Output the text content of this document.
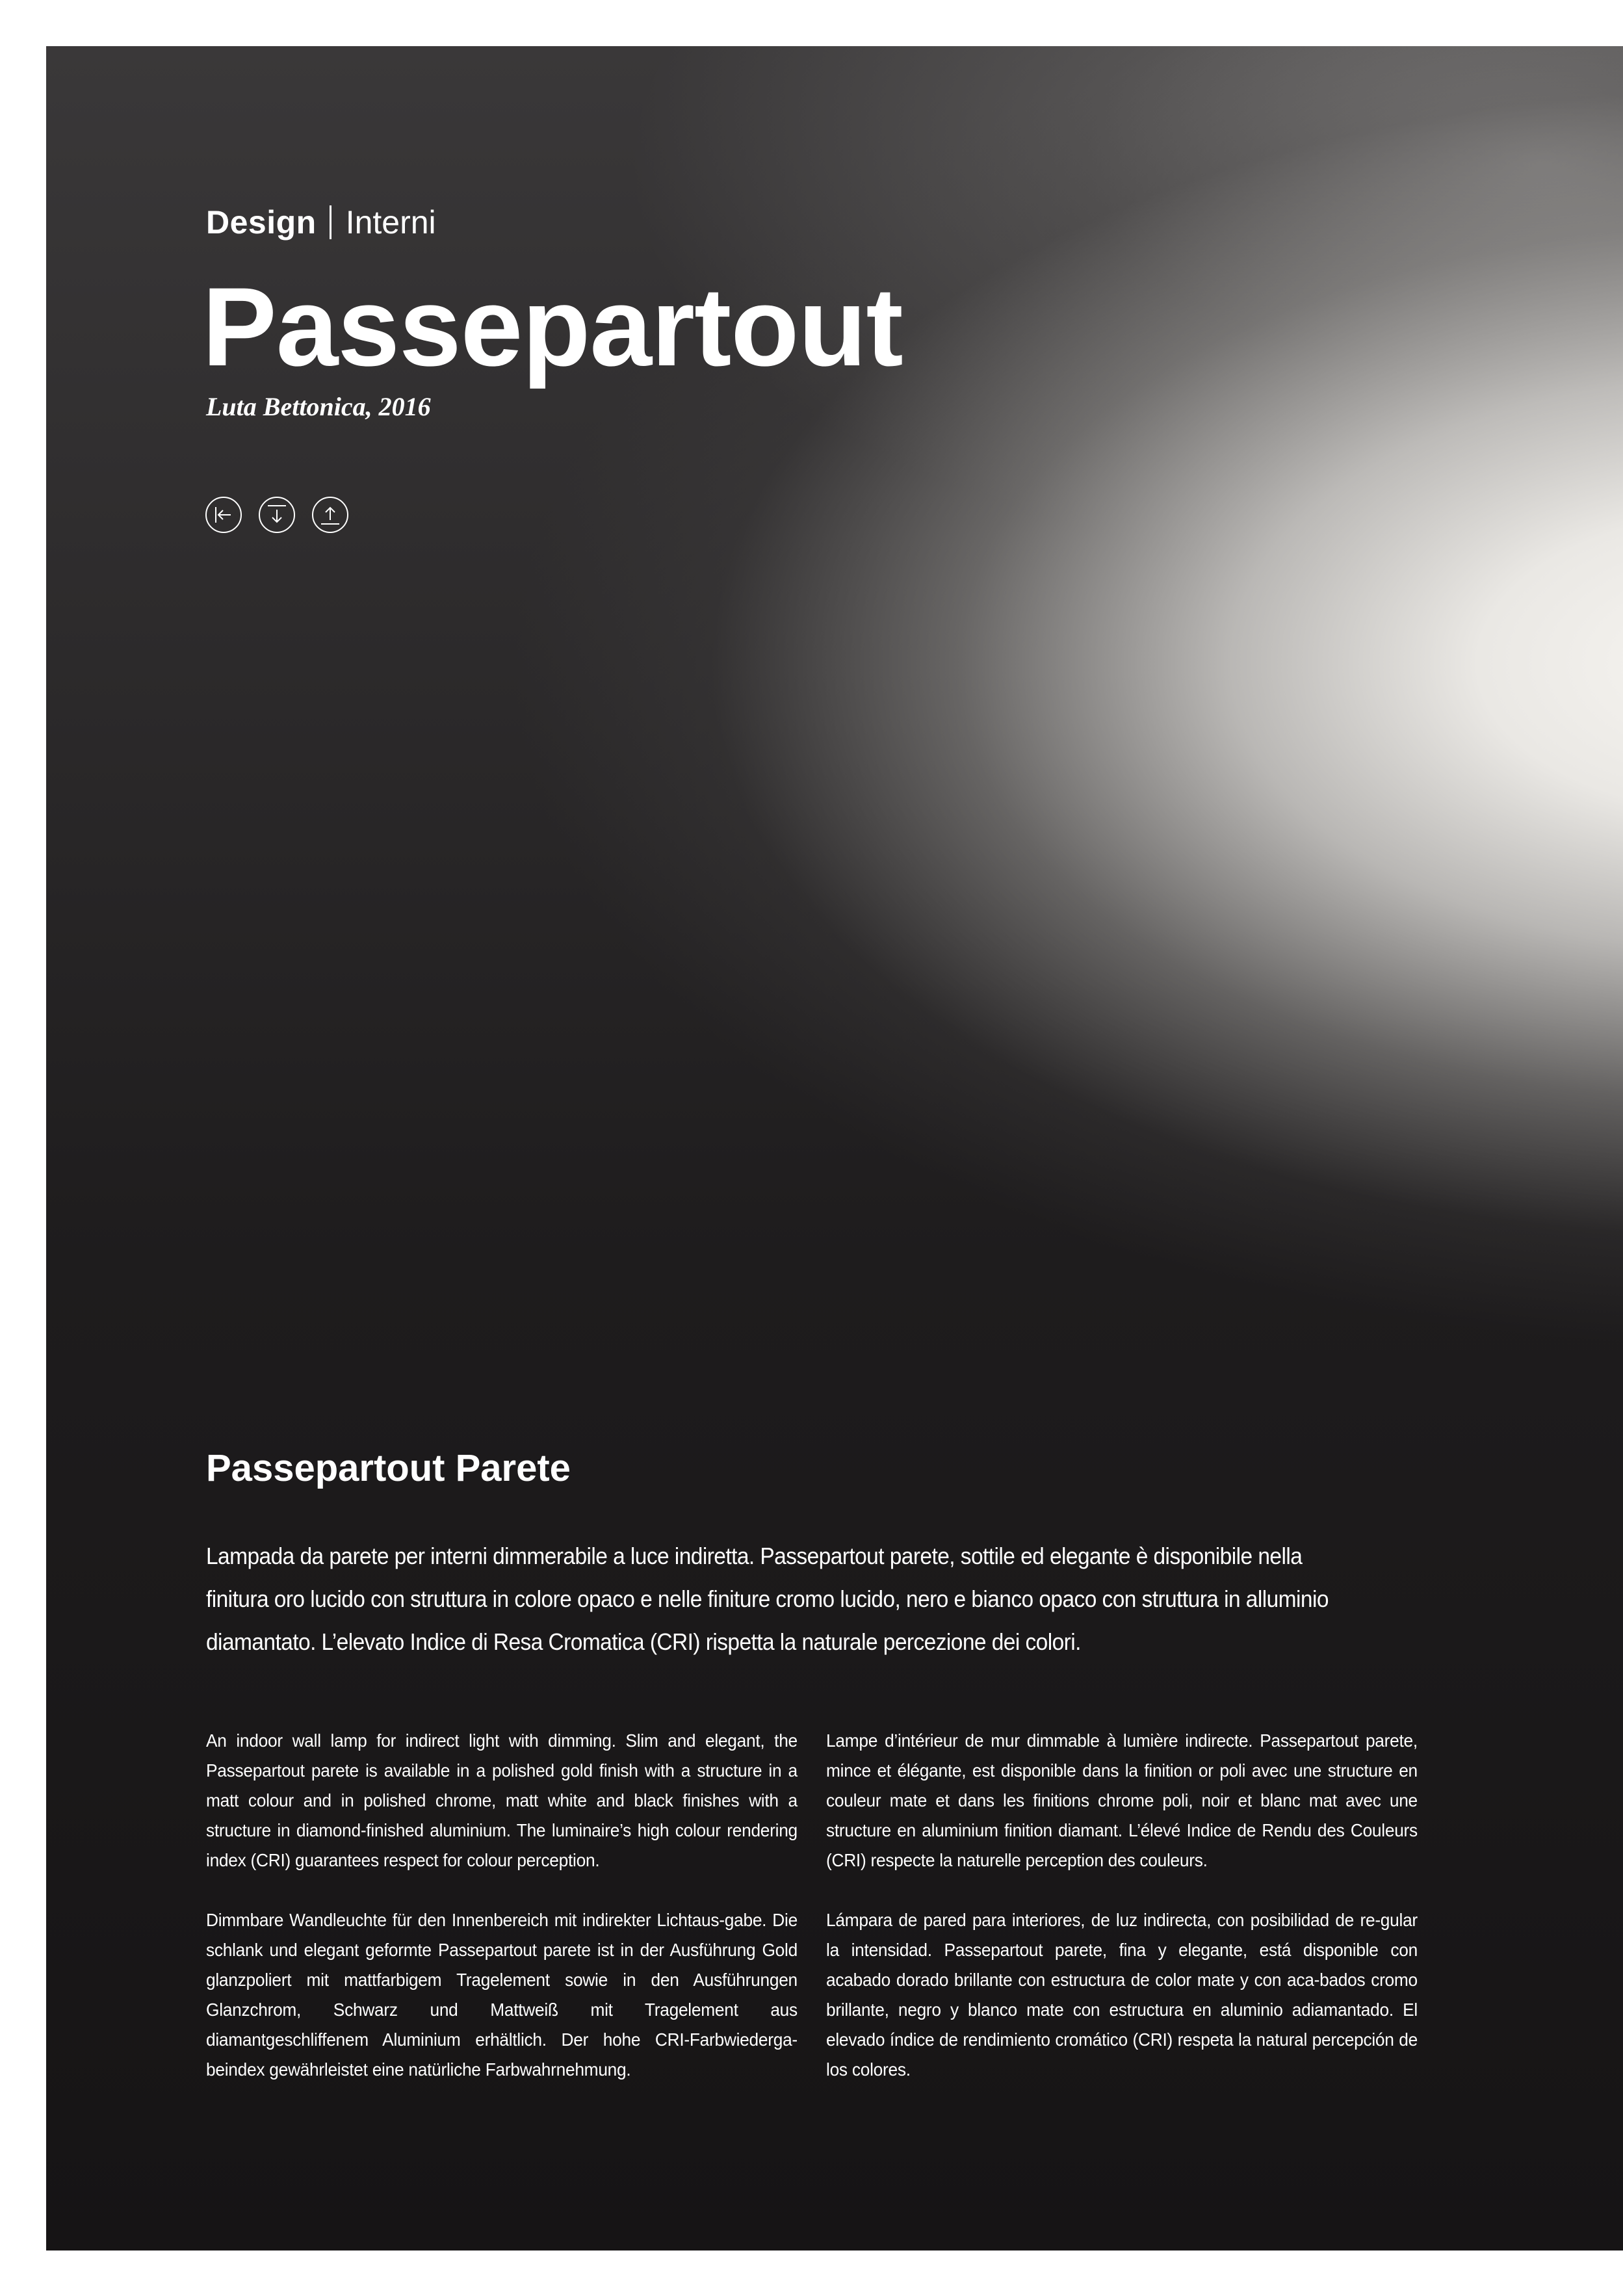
Design Interni
Passepartout
Luta Bettonica, 2016
Passepartout Parete

Lampada da parete per interni dimmerabile a luce indiretta. Passepartout parete, sottile ed elegante è disponibile nella finitura oro lucido con struttura in colore opaco e nelle finiture cromo lucido, nero e bianco opaco con struttura in alluminio diamantato. L’elevato Indice di Resa Cromatica (CRI) rispetta la naturale percezione dei colori.

An indoor wall lamp for indirect light with dimming. Slim and elegant, the Passepartout parete is available in a polished gold finish with a structure in a matt colour and in polished chrome, matt white and black finishes with a structure in diamond-finished aluminium. The luminaire’s high colour rendering index (CRI) guarantees respect for colour perception.

Lampe d’intérieur de mur dimmable à lumière indirecte. Passepartout parete, mince et élégante, est disponible dans la finition or poli avec une structure en couleur mate et dans les finitions chrome poli, noir et blanc mat avec une structure en aluminium finition diamant. L’élevé Indice de Rendu des Couleurs (CRI) respecte la naturelle perception des couleurs.

Dimmbare Wandleuchte für den Innenbereich mit indirekter Lichtaus-gabe. Die schlank und elegant geformte Passepartout parete ist in der Ausführung Gold glanzpoliert mit mattfarbigem Tragelement sowie in den Ausführungen Glanzchrom, Schwarz und Mattweiß mit Tragelement aus diamantgeschliffenem Aluminium erhältlich. Der hohe CRI-Farbwiederga-beindex gewährleistet eine natürliche Farbwahrnehmung.

Lámpara de pared para interiores, de luz indirecta, con posibilidad de re-gular la intensidad. Passepartout parete, fina y elegante, está disponible con acabado dorado brillante con estructura de color mate y con aca-bados cromo brillante, negro y blanco mate con estructura en aluminio adiamantado. El elevado índice de rendimiento cromático (CRI) respeta la natural percepción de los colores.
